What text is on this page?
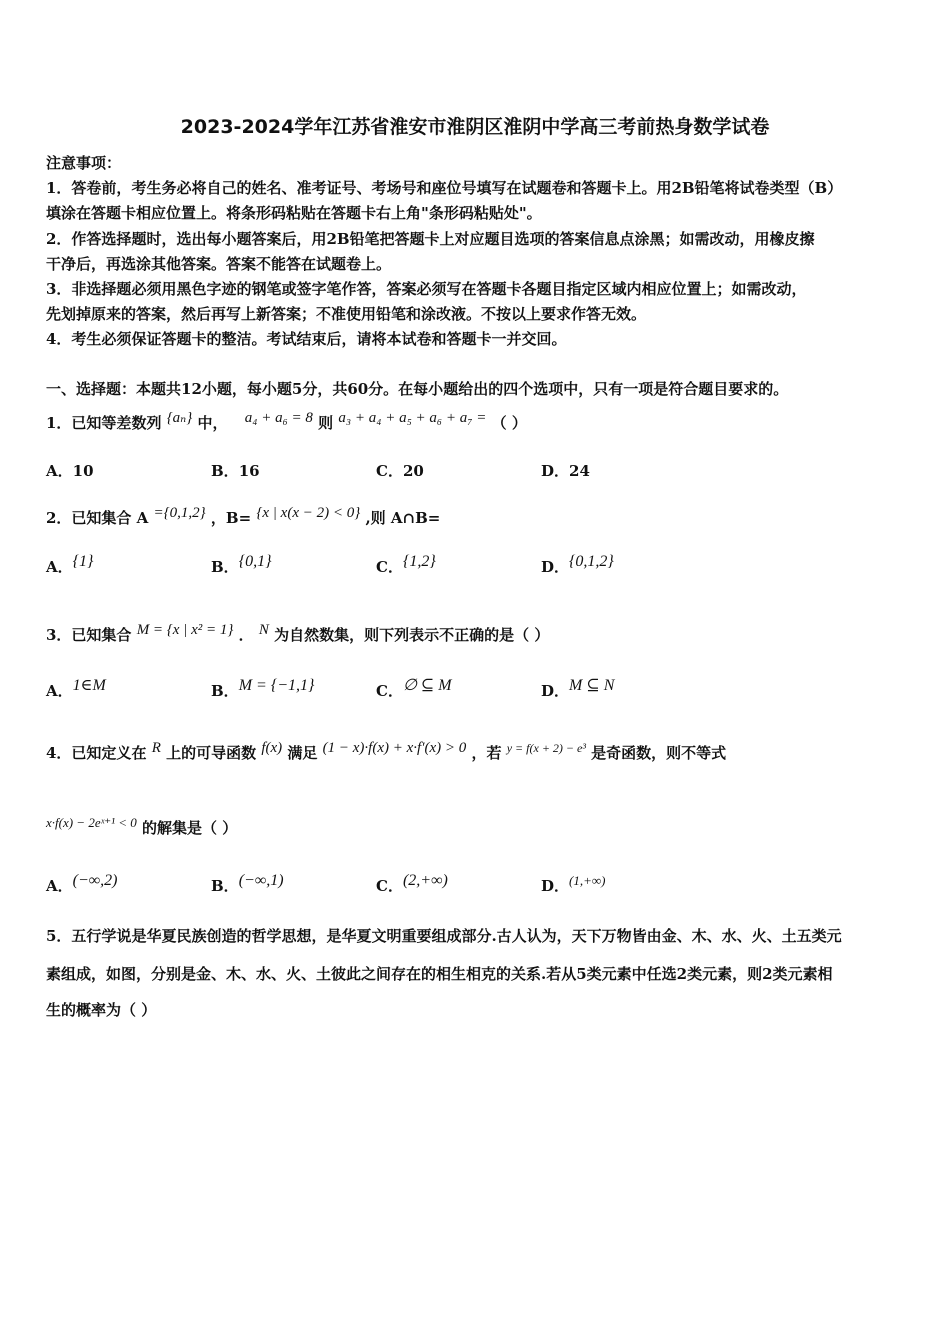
2023-2024学年江苏省淮安市淮阴区淮阴中学高三考前热身数学试卷
注意事项：
1．答卷前，考生务必将自己的姓名、准考证号、考场号和座位号填写在试题卷和答题卡上。用2B铅笔将试卷类型（B）
填涂在答题卡相应位置上。将条形码粘贴在答题卡右上角"条形码粘贴处"。
2．作答选择题时，选出每小题答案后，用2B铅笔把答题卡上对应题目选项的答案信息点涂黑；如需改动，用橡皮擦
干净后，再选涂其他答案。答案不能答在试题卷上。
3．非选择题必须用黑色字迹的钢笔或签字笔作答，答案必须写在答题卡各题目指定区域内相应位置上；如需改动，
先划掉原来的答案，然后再写上新答案；不准使用铅笔和涂改液。不按以上要求作答无效。
4．考生必须保证答题卡的整洁。考试结束后，请将本试卷和答题卡一并交回。
一、选择题：本题共12小题，每小题5分，共60分。在每小题给出的四个选项中，只有一项是符合题目要求的。
1．已知等差数列 {aₙ} 中， a₄ + a₆ = 8 则 a₃ + a₄ + a₅ + a₆ + a₇ = （ ）
A．10	B．16	C．20	D．24
2．已知集合 A ={0,1,2} ，B= {x | x(x − 2) < 0} ,则 A∩B=
A．{1}	B．{0,1}	C．{1,2}	D．{0,1,2}
3．已知集合 M = {x | x² = 1} ． N 为自然数集，则下列表示不正确的是（ ）
A．1∈M	B．M = {−1,1}	C．∅ ⊆ M	D．M ⊆ N
4．已知定义在 R 上的可导函数 f(x) 满足 (1 − x)·f(x) + x·f′(x) > 0 ，若 $^{y = f(x + 2) - e^3}$ 是奇函数，则不等式
x·f(x) − 2eˣ⁺¹ < 0 的解集是（ ）
A．(−∞,2)	B．(−∞,1)	C．(2,+∞)	D．(1,+∞)
5．五行学说是华夏民族创造的哲学思想，是华夏文明重要组成部分.古人认为，天下万物皆由金、木、水、火、土五类元
素组成，如图，分别是金、木、水、火、土彼此之间存在的相生相克的关系.若从5类元素中任选2类元素，则2类元素相
生的概率为（ ）
